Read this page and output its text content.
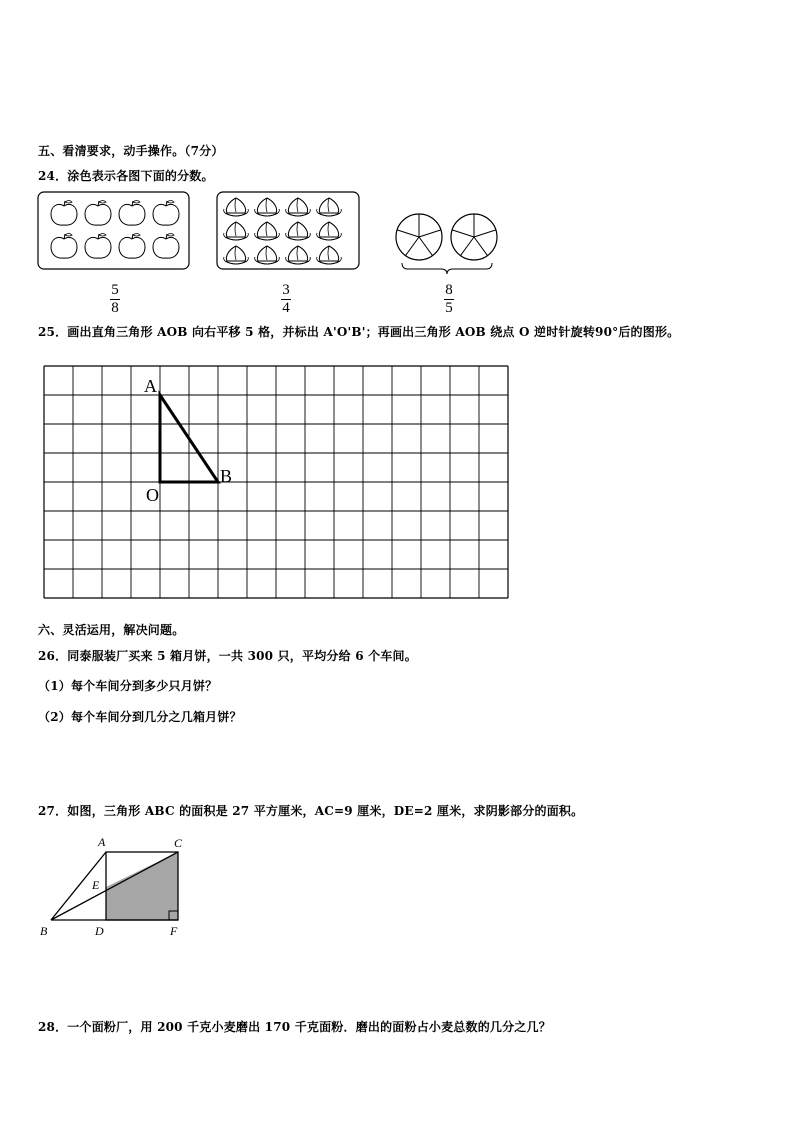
五、看清要求，动手操作。（7分）
24．涂色表示各图下面的分数。
5
8
3
4
8
5
25．画出直角三角形 AOB 向右平移 5 格，并标出 A'O'B'；再画出三角形 AOB 绕点 O 逆时针旋转90°后的图形。
A
O
B
六、灵活运用，解决问题。
26．同泰服装厂买来 5 箱月饼，一共 300 只，平均分给 6 个车间。
（1）每个车间分到多少只月饼？
（2）每个车间分到几分之几箱月饼？
27．如图，三角形 ABC 的面积是 27 平方厘米，AC=9 厘米，DE=2 厘米，求阴影部分的面积。
A	C
E
B	D	F
28．一个面粉厂，用 200 千克小麦磨出 170 千克面粉．磨出的面粉占小麦总数的几分之几？
